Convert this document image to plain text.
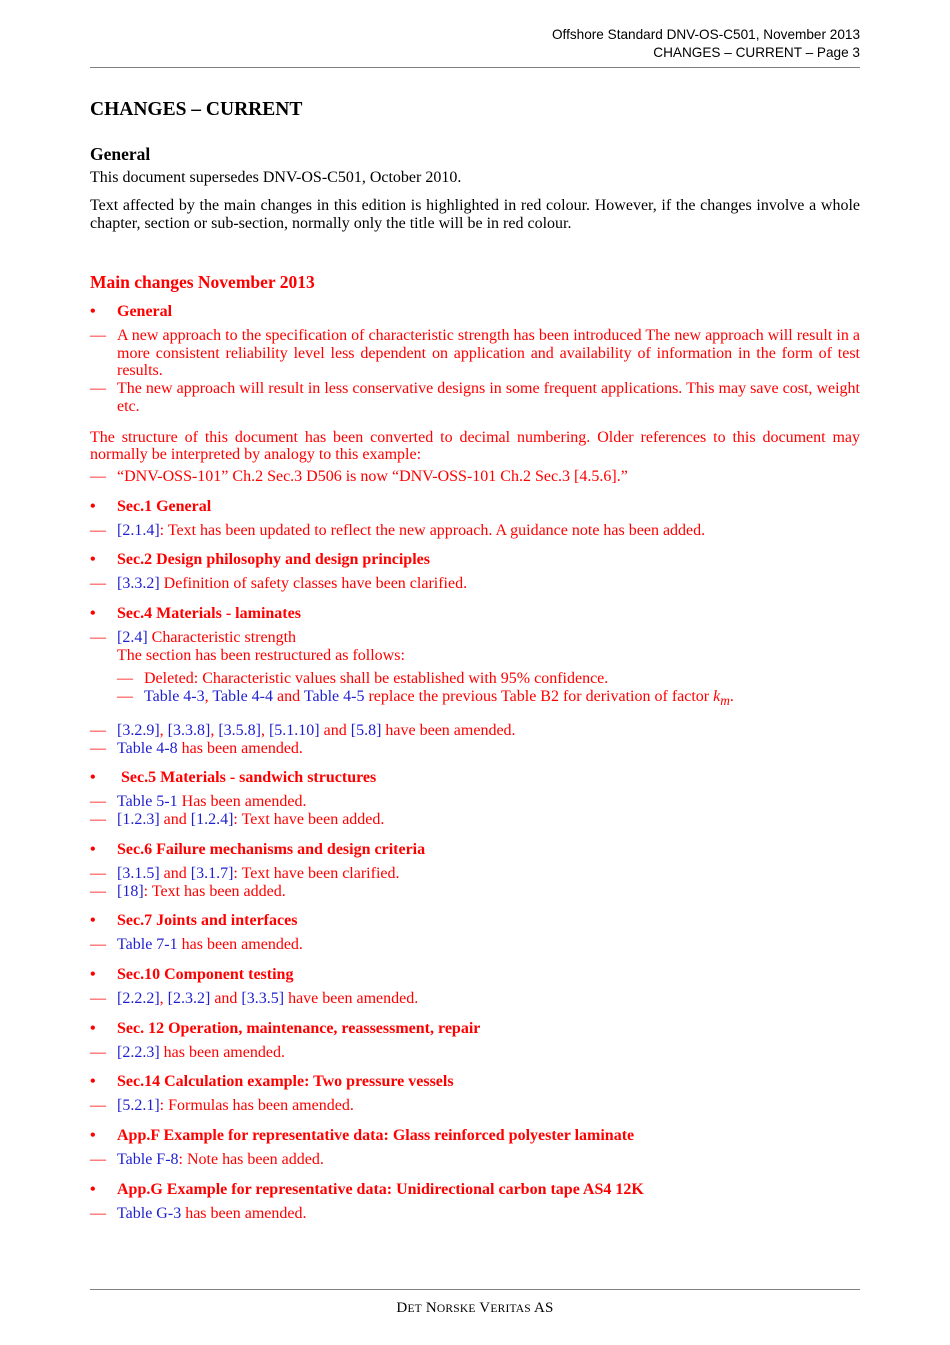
Offshore Standard DNV-OS-C501, November 2013
CHANGES – CURRENT – Page 3
CHANGES – CURRENT
General
This document supersedes DNV-OS-C501, October 2010.
Text affected by the main changes in this edition is highlighted in red colour. However, if the changes involve a whole chapter, section or sub-section, normally only the title will be in red colour.
Main changes November 2013
• General
— A new approach to the specification of characteristic strength has been introduced The new approach will result in a more consistent reliability level less dependent on application and availability of information in the form of test results.
— The new approach will result in less conservative designs in some frequent applications. This may save cost, weight etc.
The structure of this document has been converted to decimal numbering. Older references to this document may normally be interpreted by analogy to this example:
— “DNV-OSS-101” Ch.2 Sec.3 D506 is now “DNV-OSS-101 Ch.2 Sec.3 [4.5.6].”
• Sec.1 General
— [2.1.4]: Text has been updated to reflect the new approach. A guidance note has been added.
• Sec.2 Design philosophy and design principles
— [3.3.2] Definition of safety classes have been clarified.
• Sec.4 Materials - laminates
— [2.4] Characteristic strength
The section has been restructured as follows:
— Deleted: Characteristic values shall be established with 95% confidence.
— Table 4-3, Table 4-4 and Table 4-5 replace the previous Table B2 for derivation of factor $k_m$.
— [3.2.9], [3.3.8], [3.5.8], [5.1.10] and [5.8] have been amended.
— Table 4-8 has been amended.
• Sec.5 Materials - sandwich structures
— Table 5-1 Has been amended.
— [1.2.3] and [1.2.4]: Text have been added.
• Sec.6 Failure mechanisms and design criteria
— [3.1.5] and [3.1.7]: Text have been clarified.
— [18]: Text has been added.
• Sec.7 Joints and interfaces
— Table 7-1 has been amended.
• Sec.10 Component testing
— [2.2.2], [2.3.2] and [3.3.5] have been amended.
• Sec. 12 Operation, maintenance, reassessment, repair
— [2.2.3] has been amended.
• Sec.14 Calculation example: Two pressure vessels
— [5.2.1]: Formulas has been amended.
• App.F Example for representative data: Glass reinforced polyester laminate
— Table F-8: Note has been added.
• App.G Example for representative data: Unidirectional carbon tape AS4 12K
— Table G-3 has been amended.
DET NORSKE VERITAS AS
